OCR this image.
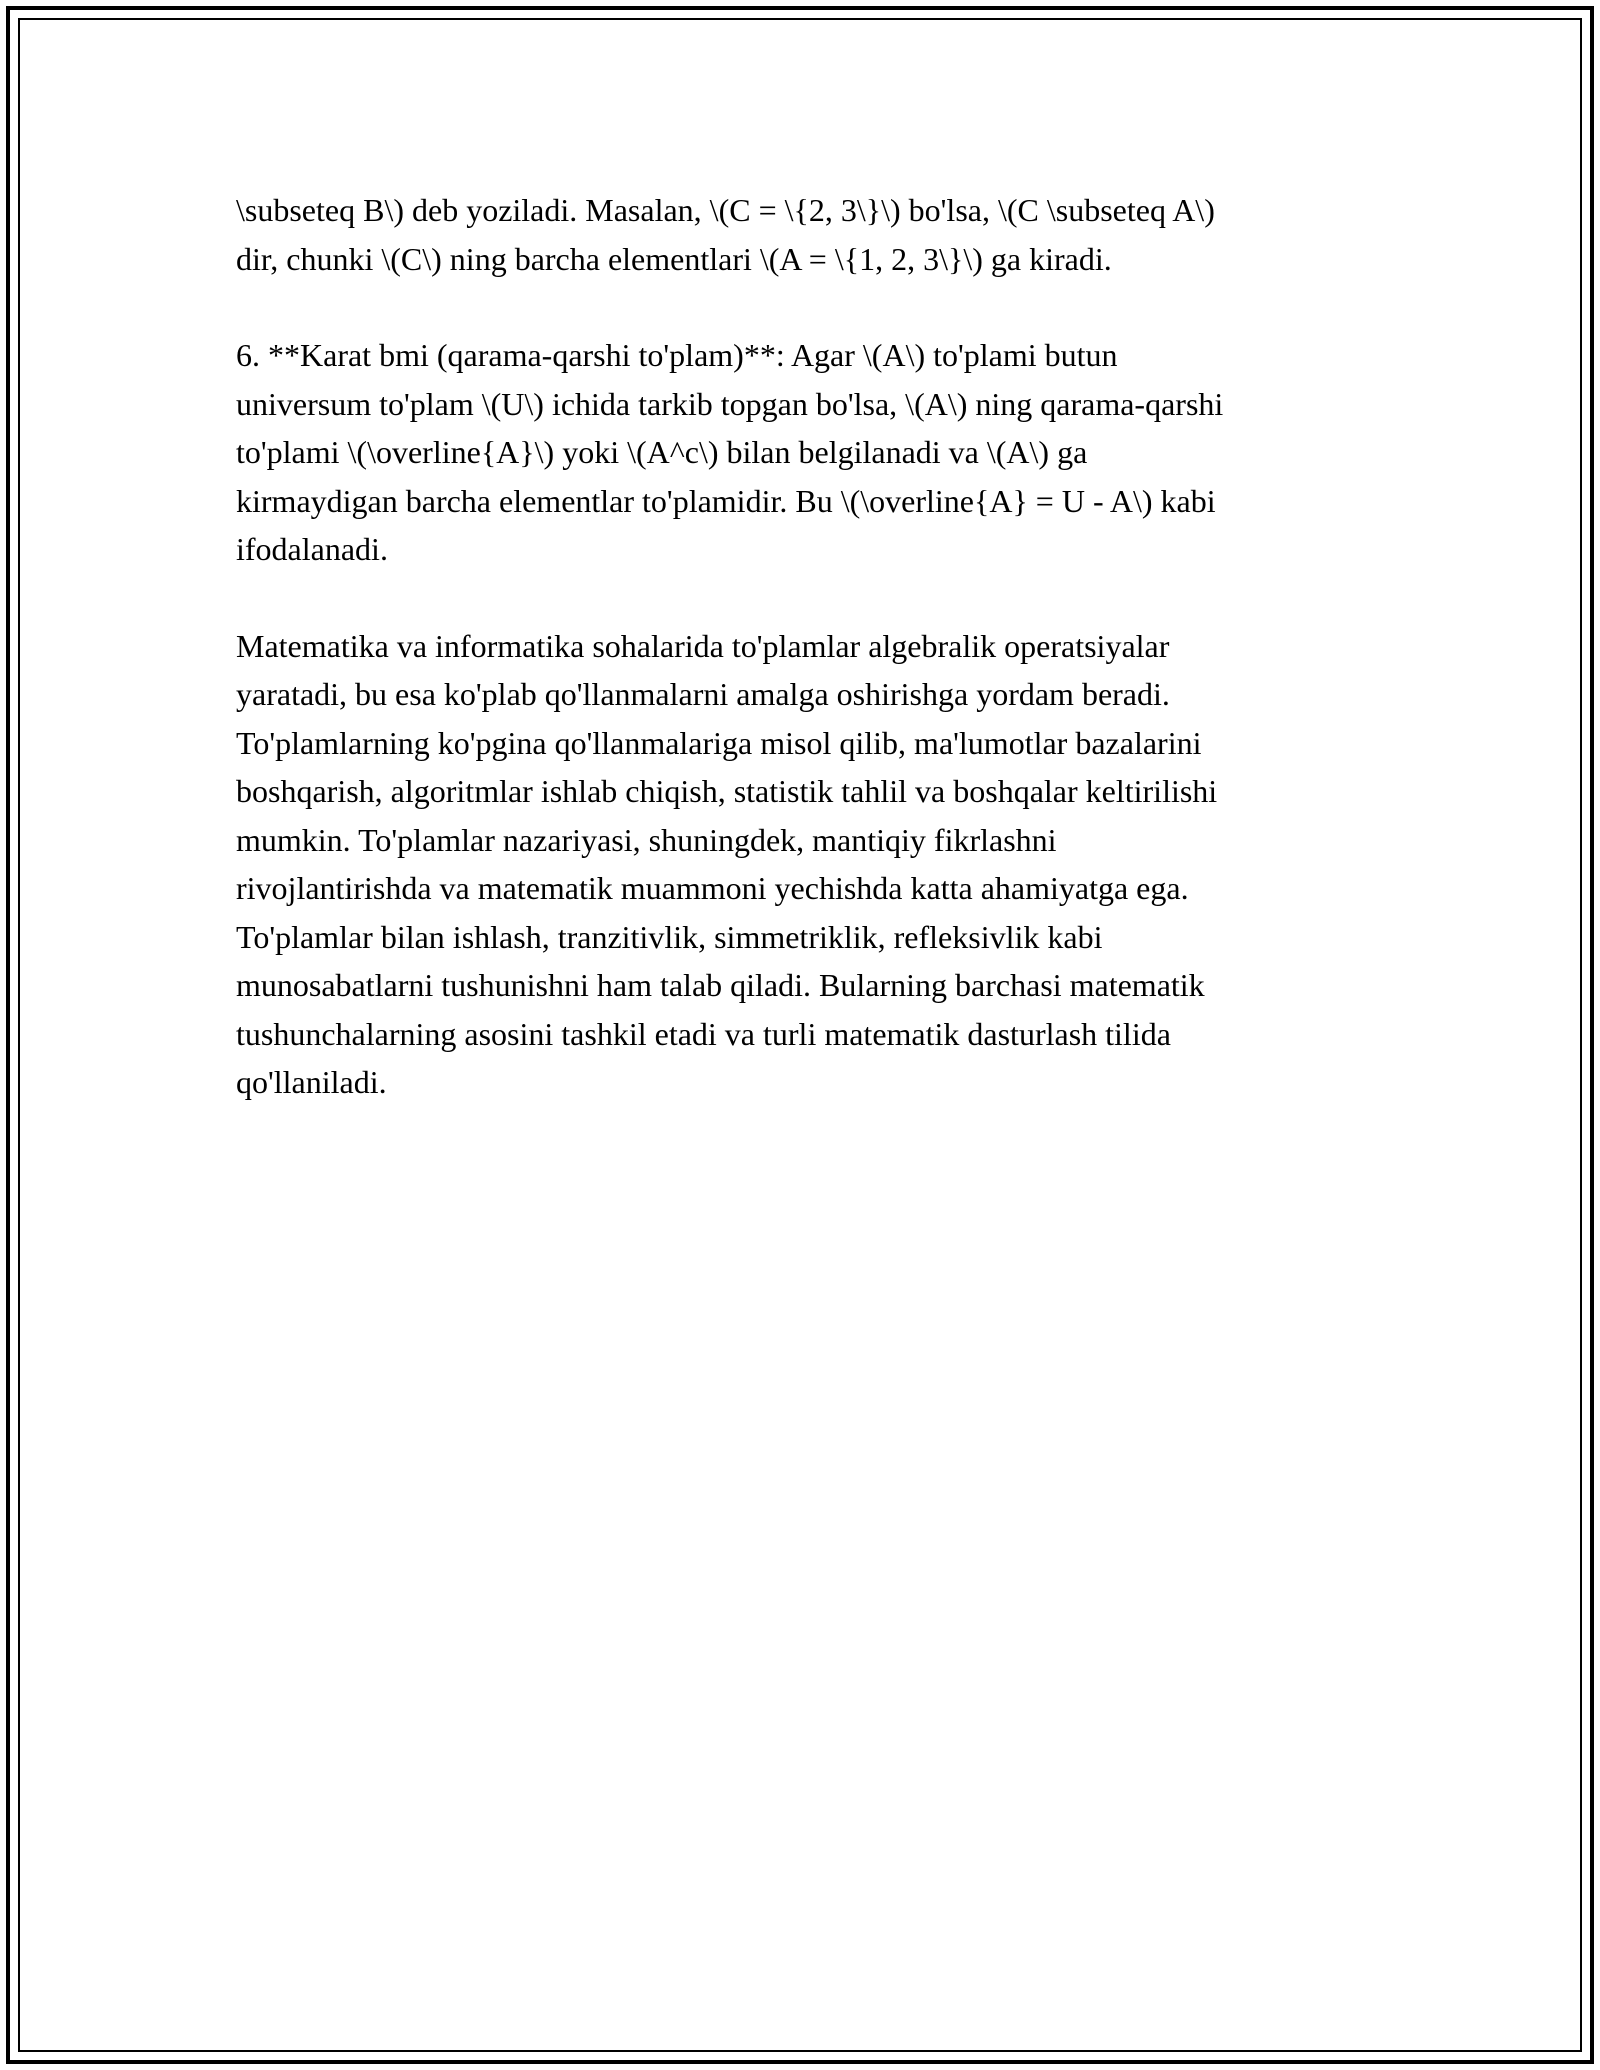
\subseteq B\) deb yoziladi. Masalan, \(C = \{2, 3\}\) bo'lsa, \(C \subseteq A\)
dir, chunki \(C\) ning barcha elementlari \(A = \{1, 2, 3\}\) ga kiradi.

6. **Karat bmi (qarama-qarshi to'plam)**: Agar \(A\) to'plami butun
universum to'plam \(U\) ichida tarkib topgan bo'lsa, \(A\) ning qarama-qarshi
to'plami \(\overline{A}\) yoki \(A^c\) bilan belgilanadi va \(A\) ga
kirmaydigan barcha elementlar to'plamidir. Bu \(\overline{A} = U - A\) kabi
ifodalanadi.

Matematika va informatika sohalarida to'plamlar algebralik operatsiyalar
yaratadi, bu esa ko'plab qo'llanmalarni amalga oshirishga yordam beradi.
To'plamlarning ko'pgina qo'llanmalariga misol qilib, ma'lumotlar bazalarini
boshqarish, algoritmlar ishlab chiqish, statistik tahlil va boshqalar keltirilishi
mumkin. To'plamlar nazariyasi, shuningdek, mantiqiy fikrlashni
rivojlantirishda va matematik muammoni yechishda katta ahamiyatga ega.
To'plamlar bilan ishlash, tranzitivlik, simmetriklik, refleksivlik kabi
munosabatlarni tushunishni ham talab qiladi. Bularning barchasi matematik
tushunchalarning asosini tashkil etadi va turli matematik dasturlash tilida
qo'llaniladi.
